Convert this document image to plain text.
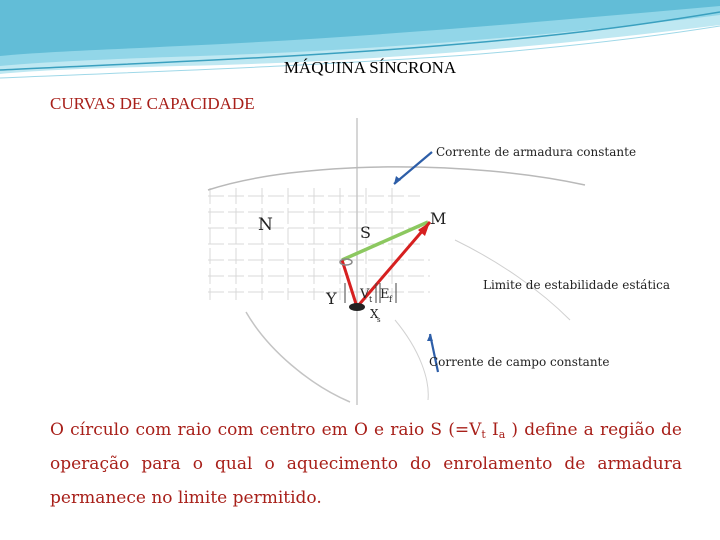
MÁQUINA SÍNCRONA
CURVAS DE CAPACIDADE
Corrente de armadura constante
Limite de estabilidade estática
Corrente de campo constante
N	S
M
Y V t E f
X
s
O círculo com raio com centro em O e raio S ($=V_t$ $I_a$ ) define a região de operação para o qual o aquecimento do enrolamento de armadura permanece no limite permitido.
